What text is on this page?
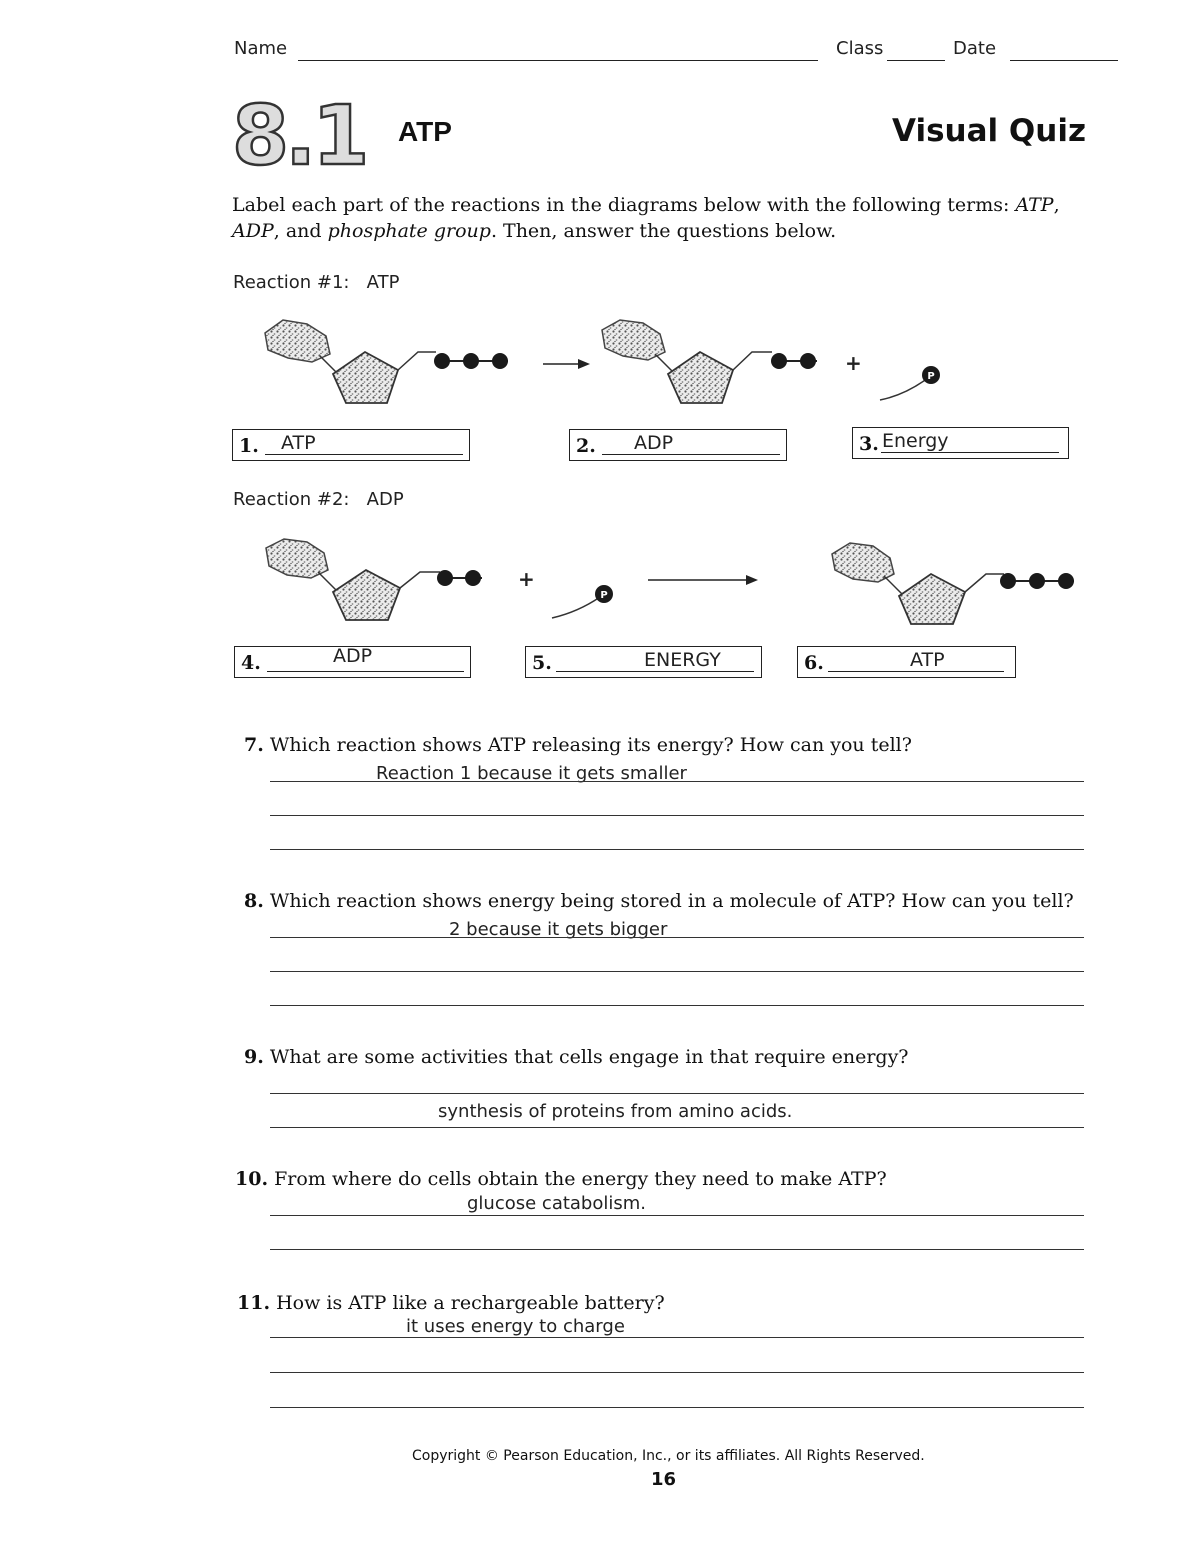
Name	Class	Date
8.1 ATP	Visual Quiz
Label each part of the reactions in the diagrams below with the following terms: ATP, ADP, and phosphate group. Then, answer the questions below.
Reaction #1: ATP
+
P
+
P
1. ATP	2. ADP	3. Energy
Reaction #2: ADP
4.	ADP	5.	ENERGY	6.	ATP
7. Which reaction shows ATP releasing its energy? How can you tell?
Reaction 1 because it gets smaller
8. Which reaction shows energy being stored in a molecule of ATP? How can you tell?
2 because it gets bigger
9. What are some activities that cells engage in that require energy?
synthesis of proteins from amino acids.
10. From where do cells obtain the energy they need to make ATP?
glucose catabolism.
11. How is ATP like a rechargeable battery?
it uses energy to charge
Copyright © Pearson Education, Inc., or its affiliates. All Rights Reserved.
16
